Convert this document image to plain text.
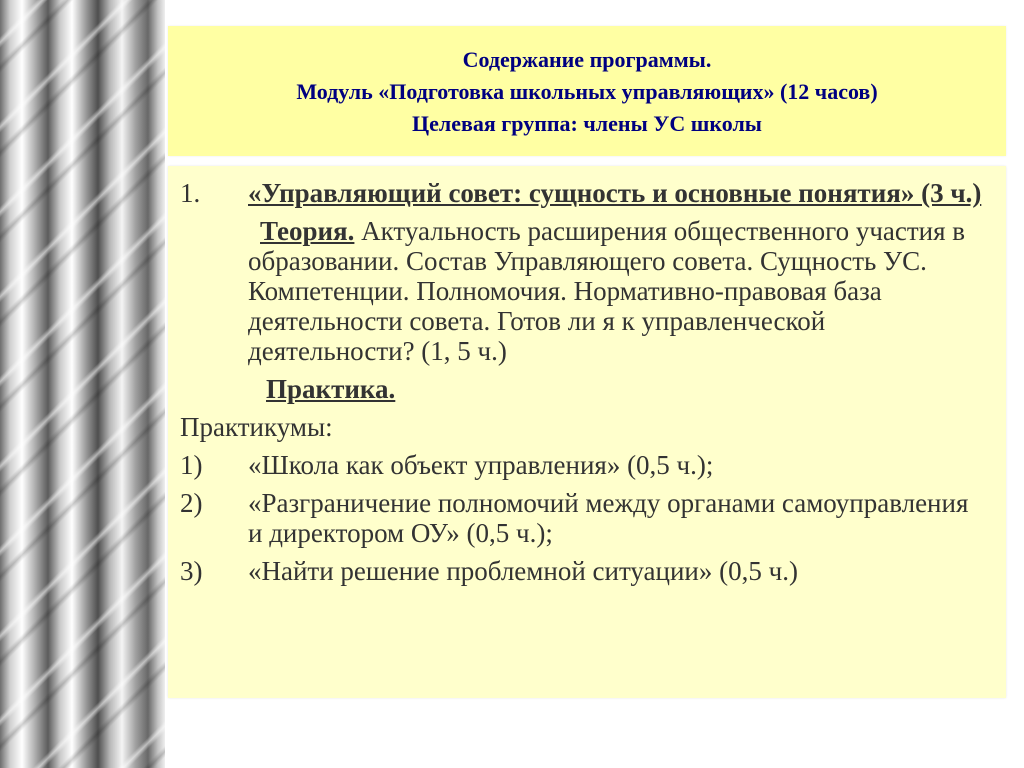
Содержание программы.
Модуль «Подготовка школьных управляющих» (12 часов)
Целевая группа: члены УС школы
1.	«Управляющий совет: сущность и основные понятия» (3 ч.)
Теория. Актуальность расширения общественного участия в образовании. Состав Управляющего совета. Сущность УС. Компетенции. Полномочия. Нормативно-правовая база деятельности совета. Готов ли я к управленческой деятельности? (1, 5 ч.)
Практика.
Практикумы:
1)	«Школа как объект управления» (0,5 ч.);
2)	«Разграничение полномочий между органами самоуправления и директором ОУ» (0,5 ч.);
3)	«Найти решение проблемной ситуации» (0,5 ч.)
